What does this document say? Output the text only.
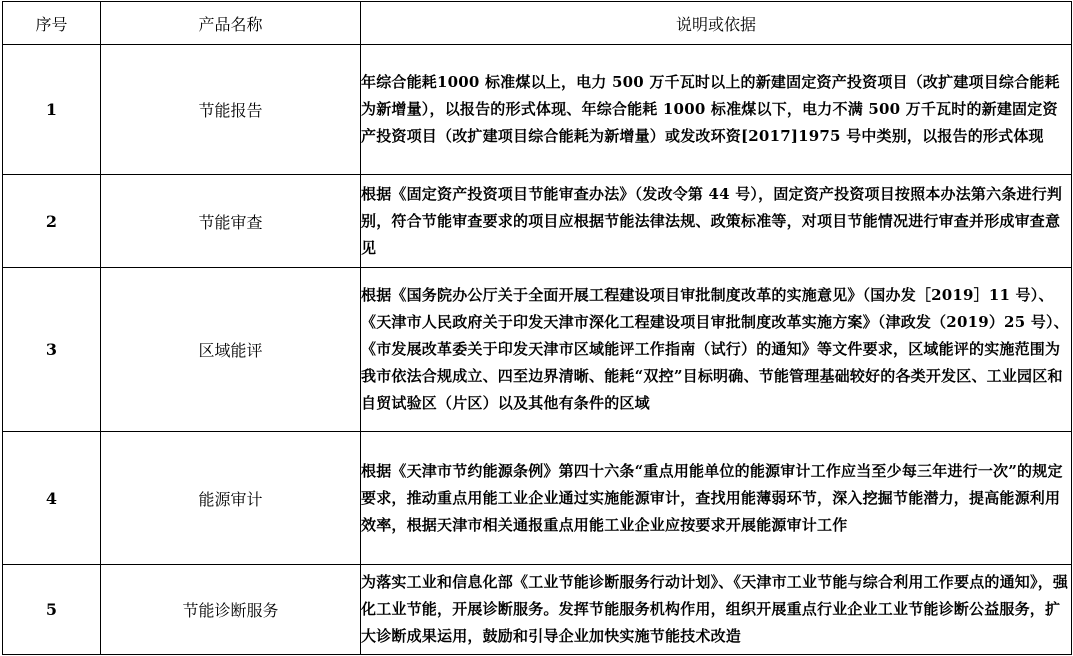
序号	产品名称	说明或依据
1	节能报告	年综合能耗1000 标准煤以上，电力 500 万千瓦时以上的新建固定资产投资项目（改扩建项目综合能耗为新增量），以报告的形式体现、年综合能耗 1000 标准煤以下，电力不满 500 万千瓦时的新建固定资产投资项目（改扩建项目综合能耗为新增量）或发改环资[2017]1975 号中类别，以报告的形式体现
2	节能审查	根据《固定资产投资项目节能审查办法》（发改令第 44 号），固定资产投资项目按照本办法第六条进行判别，符合节能审查要求的项目应根据节能法律法规、政策标准等，对项目节能情况进行审查并形成审查意见
3	区域能评	根据《国务院办公厅关于全面开展工程建设项目审批制度改革的实施意见》（国办发［2019］11 号）、《天津市人民政府关于印发天津市深化工程建设项目审批制度改革实施方案》（津政发（2019）25 号）、《市发展改革委关于印发天津市区域能评工作指南（试行）的通知》等文件要求，区域能评的实施范围为我市依法合规成立、四至边界清晰、能耗“双控”目标明确、节能管理基础较好的各类开发区、工业园区和自贸试验区（片区）以及其他有条件的区域
4	能源审计	根据《天津市节约能源条例》第四十六条“重点用能单位的能源审计工作应当至少每三年进行一次”的规定要求，推动重点用能工业企业通过实施能源审计，查找用能薄弱环节，深入挖掘节能潜力，提高能源利用效率，根据天津市相关通报重点用能工业企业应按要求开展能源审计工作
5	节能诊断服务	为落实工业和信息化部《工业节能诊断服务行动计划》、《天津市工业节能与综合利用工作要点的通知》，强化工业节能，开展诊断服务。发挥节能服务机构作用，组织开展重点行业企业工业节能诊断公益服务，扩大诊断成果运用，鼓励和引导企业加快实施节能技术改造
